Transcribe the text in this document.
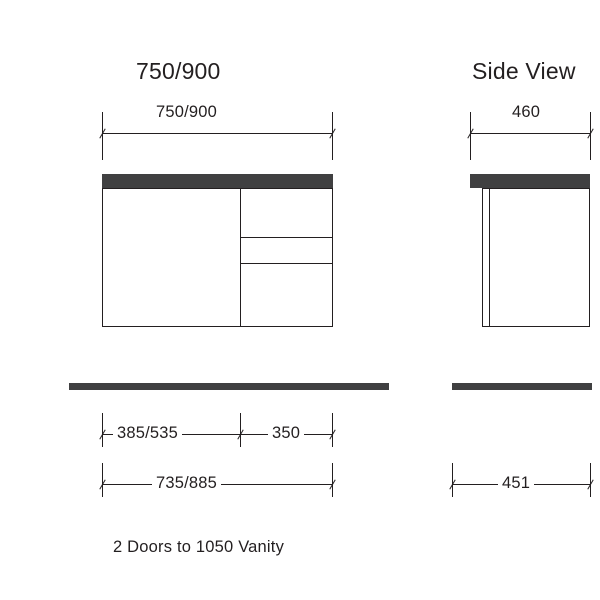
750/900	Side View
750/900
385/535	350
735/885
2 Doors to 1050 Vanity
460
451
